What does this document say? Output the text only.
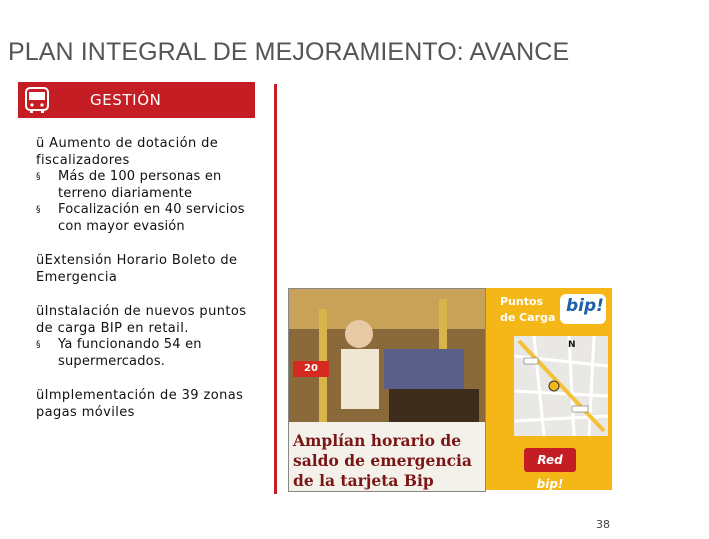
PLAN INTEGRAL DE MEJORAMIENTO: AVANCE
GESTIÓN
ü Aumento de dotación de fiscalizadores
§ Más de 100 personas en terreno diariamente
§ Focalización en 40 servicios con mayor evasión
üExtensión Horario Boleto de Emergencia
üInstalación de nuevos puntos de carga BIP en retail.
§ Ya funcionando 54 en supermercados.
üImplementación de 39 zonas pagas móviles
20
Amplían horario de
saldo de emergencia
de la tarjeta Bip
Puntos
de Carga
bip!
N
Red bip!
38
